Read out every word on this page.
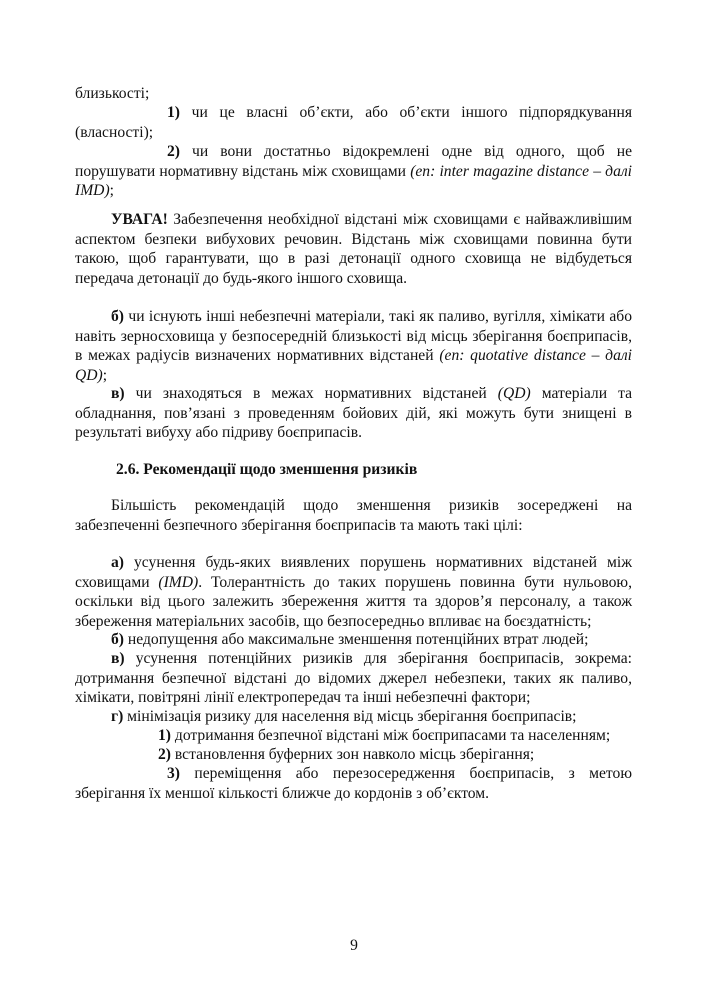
близькості;

1) чи це власні об’єкти, або об’єкти іншого підпорядкування (власності);

2) чи вони достатньо відокремлені одне від одного, щоб не порушувати нормативну відстань між сховищами (en: inter magazine distance – далі IMD);

УВАГА! Забезпечення необхідної відстані між сховищами є найважливішим аспектом безпеки вибухових речовин. Відстань між сховищами повинна бути такою, щоб гарантувати, що в разі детонації одного сховища не відбудеться передача детонації до будь-якого іншого сховища.

б) чи існують інші небезпечні матеріали, такі як паливо, вугілля, хімікати або навіть зерносховища у безпосередній близькості від місць зберігання боєприпасів, в межах радіусів визначених нормативних відстаней (en: quotative distance – далі QD);

в) чи знаходяться в межах нормативних відстаней (QD) матеріали та обладнання, пов’язані з проведенням бойових дій, які можуть бути знищені в результаті вибуху або підриву боєприпасів.

2.6. Рекомендації щодо зменшення ризиків

Більшість рекомендацій щодо зменшення ризиків зосереджені на забезпеченні безпечного зберігання боєприпасів та мають такі цілі:

а) усунення будь-яких виявлених порушень нормативних відстаней між сховищами (IMD). Толерантність до таких порушень повинна бути нульовою, оскільки від цього залежить збереження життя та здоров’я персоналу, а також збереження матеріальних засобів, що безпосередньо впливає на боєздатність;

б) недопущення або максимальне зменшення потенційних втрат людей;

в) усунення потенційних ризиків для зберігання боєприпасів, зокрема: дотримання безпечної відстані до відомих джерел небезпеки, таких як паливо, хімікати, повітряні лінії електропередач та інші небезпечні фактори;

г) мінімізація ризику для населення від місць зберігання боєприпасів;

1) дотримання безпечної відстані між боєприпасами та населенням;

2) встановлення буферних зон навколо місць зберігання;

3) переміщення або перезосередження боєприпасів, з метою зберігання їх меншої кількості ближче до кордонів з об’єктом.

9
